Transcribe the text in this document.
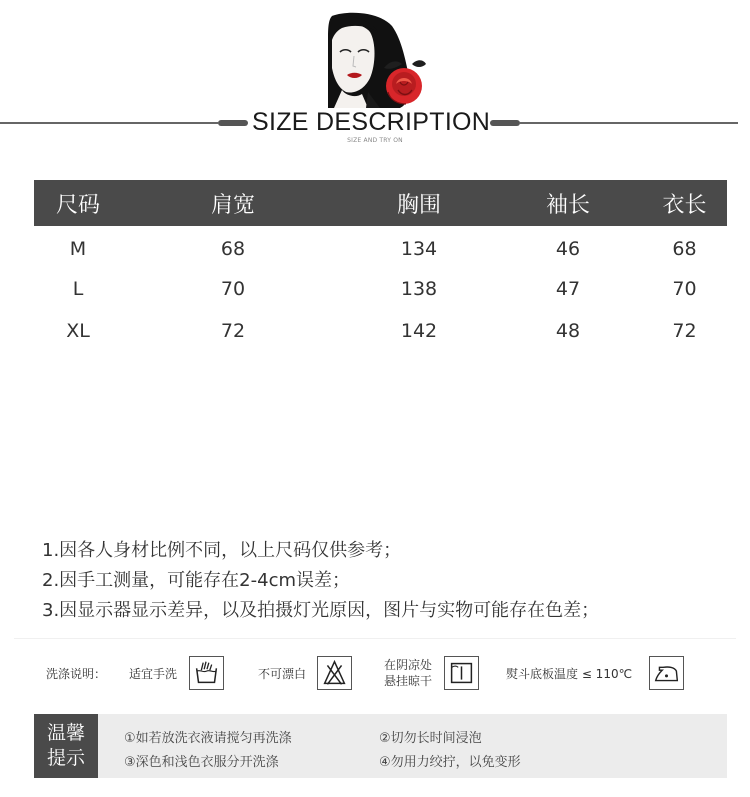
SIZE DESCRIPTION
SIZE AND TRY ON
尺码	肩宽	胸围	袖长	衣长
M	68	134	46	68
L	70	138	47	70
XL	72	142	48	72
1.因各人身材比例不同，以上尺码仅供参考；
2.因手工测量，可能存在2-4cm误差；
3.因显示器显示差异，以及拍摄灯光原因，图片与实物可能存在色差；
洗涤说明： 适宜手洗	不可漂白
在阴凉处
悬挂晾干	熨斗底板温度 ≤ 110℃
温馨
提示
①如若放洗衣液请搅匀再洗涤	②切勿长时间浸泡
③深色和浅色衣服分开洗涤	④勿用力绞拧，以免变形
